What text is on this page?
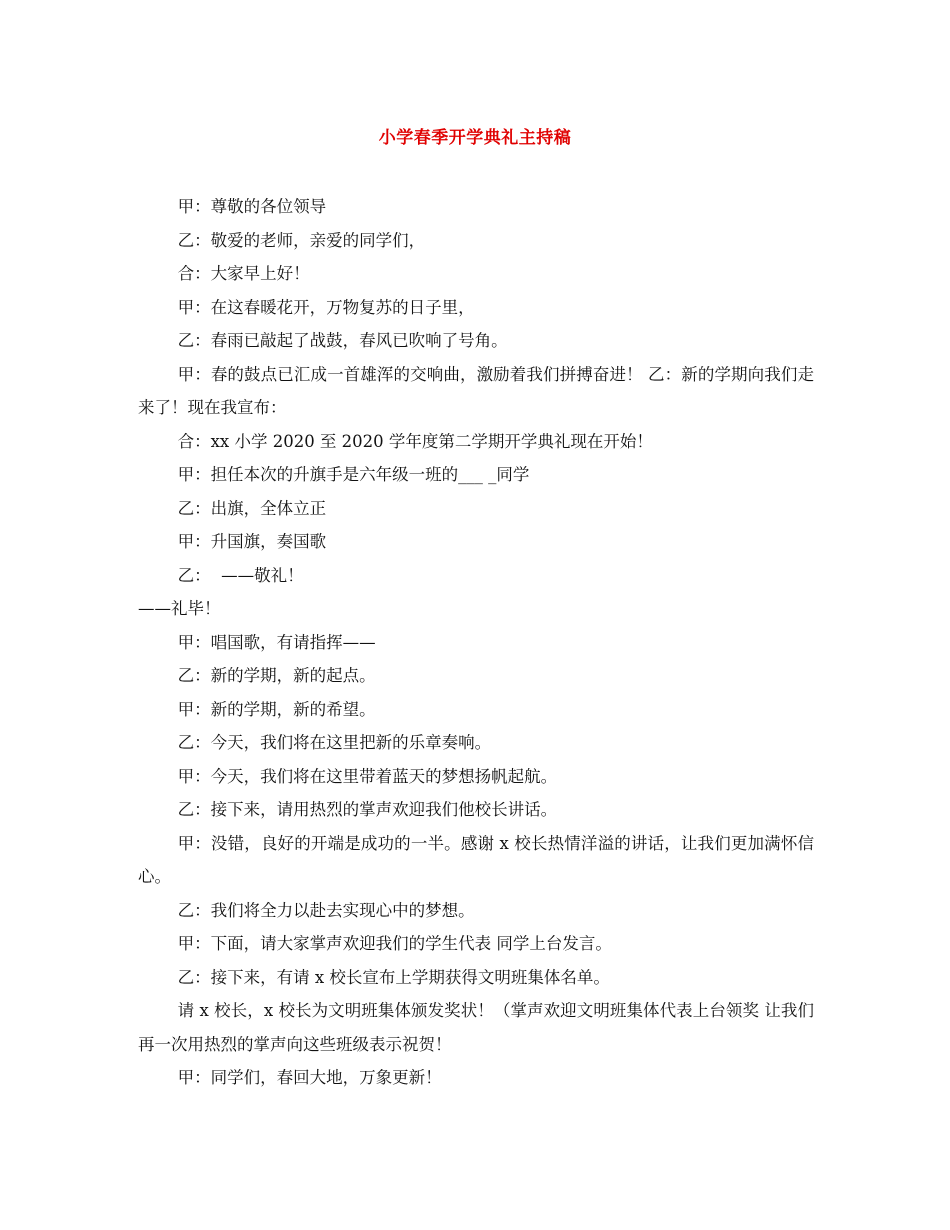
小学春季开学典礼主持稿

甲：尊敬的各位领导

乙：敬爱的老师，亲爱的同学们，

合：大家早上好！

甲：在这春暖花开，万物复苏的日子里，

乙：春雨已敲起了战鼓，春风已吹响了号角。

甲：春的鼓点已汇成一首雄浑的交响曲，激励着我们拼搏奋进！ 乙：新的学期向我们走来了！现在我宣布：

合：xx 小学 2020 至 2020 学年度第二学期开学典礼现在开始！

甲：担任本次的升旗手是六年级一班的___ _同学

乙：出旗，全体立正

甲：升国旗，奏国歌

乙：  ——敬礼！

——礼毕！

甲：唱国歌，有请指挥——

乙：新的学期，新的起点。

甲：新的学期，新的希望。

乙：今天，我们将在这里把新的乐章奏响。

甲：今天，我们将在这里带着蓝天的梦想扬帆起航。

乙：接下来，请用热烈的掌声欢迎我们他校长讲话。

甲：没错，良好的开端是成功的一半。感谢 x 校长热情洋溢的讲话，让我们更加满怀信心。

乙：我们将全力以赴去实现心中的梦想。

甲：下面，请大家掌声欢迎我们的学生代表 同学上台发言。

乙：接下来，有请 x 校长宣布上学期获得文明班集体名单。

请 x 校长，x 校长为文明班集体颁发奖状！（掌声欢迎文明班集体代表上台领奖 让我们再一次用热烈的掌声向这些班级表示祝贺！

甲：同学们，春回大地，万象更新！
